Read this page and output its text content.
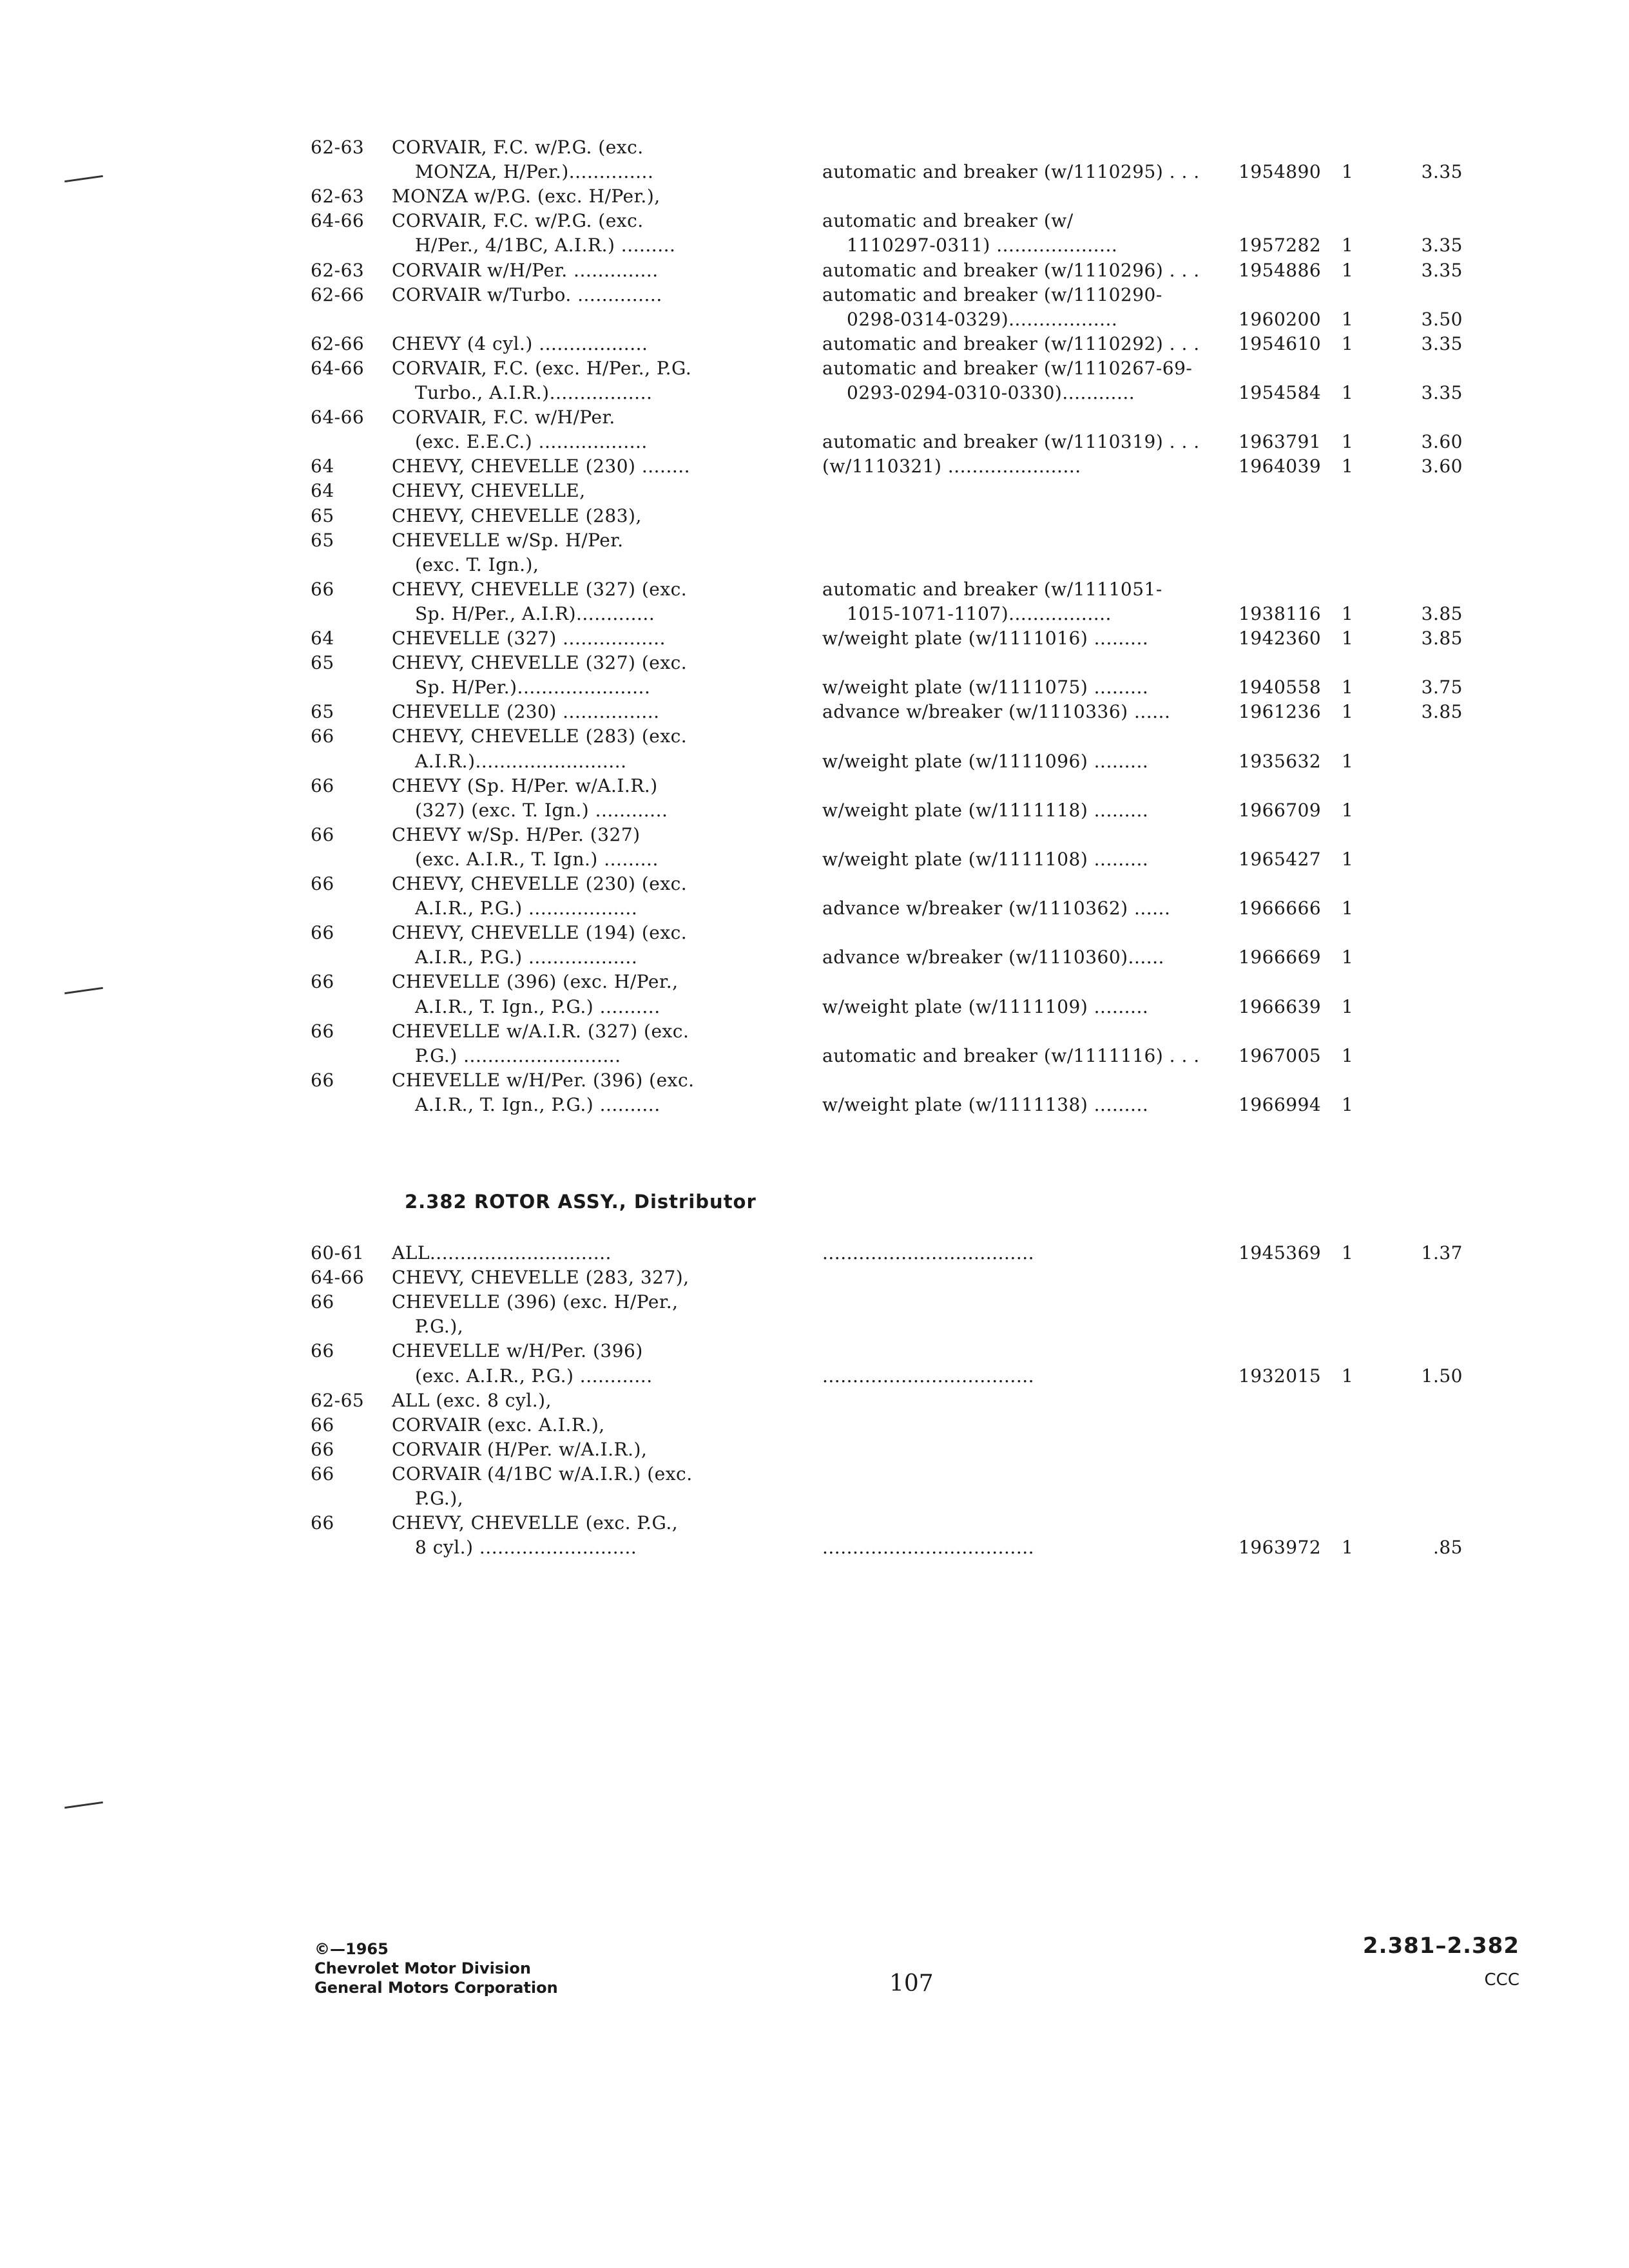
62-63 CORVAIR, F.C. w/P.G. (exc.
MONZA, H/Per.)..............	automatic and breaker (w/1110295) . . . 1954890 1	3.35
62-63 MONZA w/P.G. (exc. H/Per.),
64-66 CORVAIR, F.C. w/P.G. (exc.	automatic and breaker (w/
H/Per., 4/1BC, A.I.R.) .........	1110297-0311) ....................	1957282 1	3.35
62-63 CORVAIR w/H/Per. ..............	automatic and breaker (w/1110296) . . . 1954886 1	3.35
62-66 CORVAIR w/Turbo. ..............	automatic and breaker (w/1110290-
0298-0314-0329)..................	1960200 1	3.50
62-66 CHEVY (4 cyl.) ..................	automatic and breaker (w/1110292) . . . 1954610 1	3.35
64-66 CORVAIR, F.C. (exc. H/Per., P.G.	automatic and breaker (w/1110267-69-
Turbo., A.I.R.).................	0293-0294-0310-0330)............	1954584 1	3.35
64-66 CORVAIR, F.C. w/H/Per.
(exc. E.E.C.) ..................	automatic and breaker (w/1110319) . . . 1963791 1	3.60
64	CHEVY, CHEVELLE (230) ........	(w/1110321) ......................	1964039 1	3.60
64	CHEVY, CHEVELLE,
65	CHEVY, CHEVELLE (283),
65	CHEVELLE w/Sp. H/Per.
(exc. T. Ign.),
66	CHEVY, CHEVELLE (327) (exc.	automatic and breaker (w/1111051-
Sp. H/Per., A.I.R).............	1015-1071-1107).................	1938116 1	3.85
64	CHEVELLE (327) .................	w/weight plate (w/1111016) .........	1942360 1	3.85
65	CHEVY, CHEVELLE (327) (exc.
Sp. H/Per.)......................	w/weight plate (w/1111075) .........	1940558 1	3.75
65	CHEVELLE (230) ................	advance w/breaker (w/1110336) ......	1961236 1	3.85
66	CHEVY, CHEVELLE (283) (exc.
A.I.R.).........................	w/weight plate (w/1111096) .........	1935632 1
66	CHEVY (Sp. H/Per. w/A.I.R.)
(327) (exc. T. Ign.) ............	w/weight plate (w/1111118) .........	1966709 1
66	CHEVY w/Sp. H/Per. (327)
(exc. A.I.R., T. Ign.) .........	w/weight plate (w/1111108) .........	1965427 1
66	CHEVY, CHEVELLE (230) (exc.
A.I.R., P.G.) ..................	advance w/breaker (w/1110362) ......	1966666 1
66	CHEVY, CHEVELLE (194) (exc.
A.I.R., P.G.) ..................	advance w/breaker (w/1110360)......	1966669 1
66	CHEVELLE (396) (exc. H/Per.,
A.I.R., T. Ign., P.G.) ..........	w/weight plate (w/1111109) .........	1966639 1
66	CHEVELLE w/A.I.R. (327) (exc.
P.G.) ..........................	automatic and breaker (w/1111116) . . . 1967005 1
66	CHEVELLE w/H/Per. (396) (exc.
A.I.R., T. Ign., P.G.) ..........	w/weight plate (w/1111138) .........	1966994 1
2.382 ROTOR ASSY., Distributor
60-61 ALL..............................	...................................	1945369 1	1.37
64-66 CHEVY, CHEVELLE (283, 327),
66	CHEVELLE (396) (exc. H/Per.,
P.G.),
66	CHEVELLE w/H/Per. (396)
(exc. A.I.R., P.G.) ............	...................................	1932015 1	1.50
62-65 ALL (exc. 8 cyl.),
66	CORVAIR (exc. A.I.R.),
66	CORVAIR (H/Per. w/A.I.R.),
66	CORVAIR (4/1BC w/A.I.R.) (exc.
P.G.),
66	CHEVY, CHEVELLE (exc. P.G.,
8 cyl.) ..........................	...................................	1963972 1	.85
©—1965
Chevrolet Motor Division
General Motors Corporation	107
2.381–2.382
CCC
